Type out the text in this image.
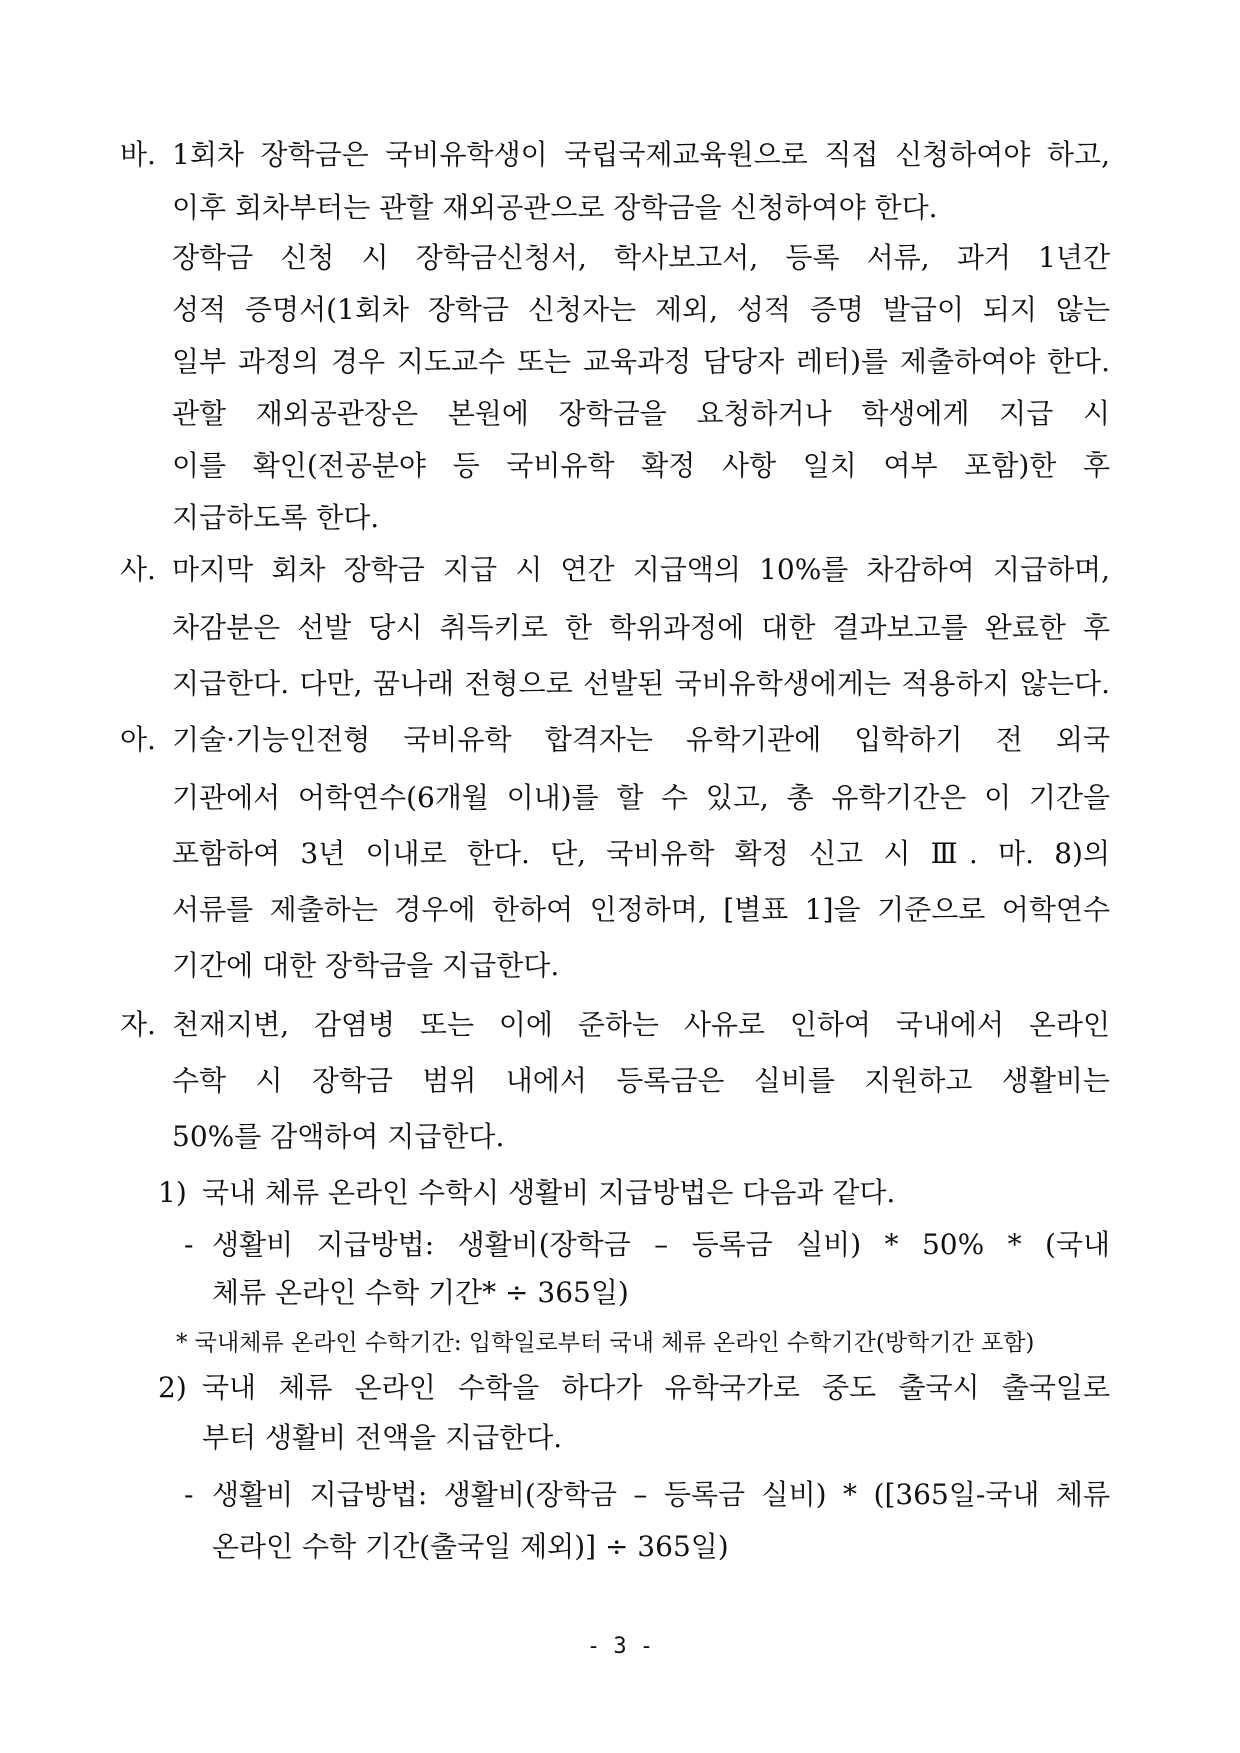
바. 1회차 장학금은 국비유학생이 국립국제교육원으로 직접 신청하여야 하고,
이후 회차부터는 관할 재외공관으로 장학금을 신청하여야 한다.
장학금 신청 시 장학금신청서, 학사보고서, 등록 서류, 과거 1년간
성적 증명서(1회차 장학금 신청자는 제외, 성적 증명 발급이 되지 않는
일부 과정의 경우 지도교수 또는 교육과정 담당자 레터)를 제출하여야 한다.
관할 재외공관장은 본원에 장학금을 요청하거나 학생에게 지급 시
이를 확인(전공분야 등 국비유학 확정 사항 일치 여부 포함)한 후
지급하도록 한다.
사. 마지막 회차 장학금 지급 시 연간 지급액의 10%를 차감하여 지급하며,
차감분은 선발 당시 취득키로 한 학위과정에 대한 결과보고를 완료한 후
지급한다. 다만, 꿈나래 전형으로 선발된 국비유학생에게는 적용하지 않는다.
아. 기술·기능인전형 국비유학 합격자는 유학기관에 입학하기 전 외국
기관에서 어학연수(6개월 이내)를 할 수 있고, 총 유학기간은 이 기간을
포함하여 3년 이내로 한다. 단, 국비유학 확정 신고 시 Ⅲ. 마. 8)의
서류를 제출하는 경우에 한하여 인정하며, [별표 1]을 기준으로 어학연수
기간에 대한 장학금을 지급한다.
자. 천재지변, 감염병 또는 이에 준하는 사유로 인하여 국내에서 온라인
수학 시 장학금 범위 내에서 등록금은 실비를 지원하고 생활비는
50%를 감액하여 지급한다.
1) 국내 체류 온라인 수학시 생활비 지급방법은 다음과 같다.
- 생활비 지급방법: 생활비(장학금 – 등록금 실비) * 50% * (국내
체류 온라인 수학 기간* ÷ 365일)
* 국내체류 온라인 수학기간: 입학일로부터 국내 체류 온라인 수학기간(방학기간 포함)
2) 국내 체류 온라인 수학을 하다가 유학국가로 중도 출국시 출국일로
부터 생활비 전액을 지급한다.
- 생활비 지급방법: 생활비(장학금 – 등록금 실비) * ([365일-국내 체류
온라인 수학 기간(출국일 제외)] ÷ 365일)
- 3 -
